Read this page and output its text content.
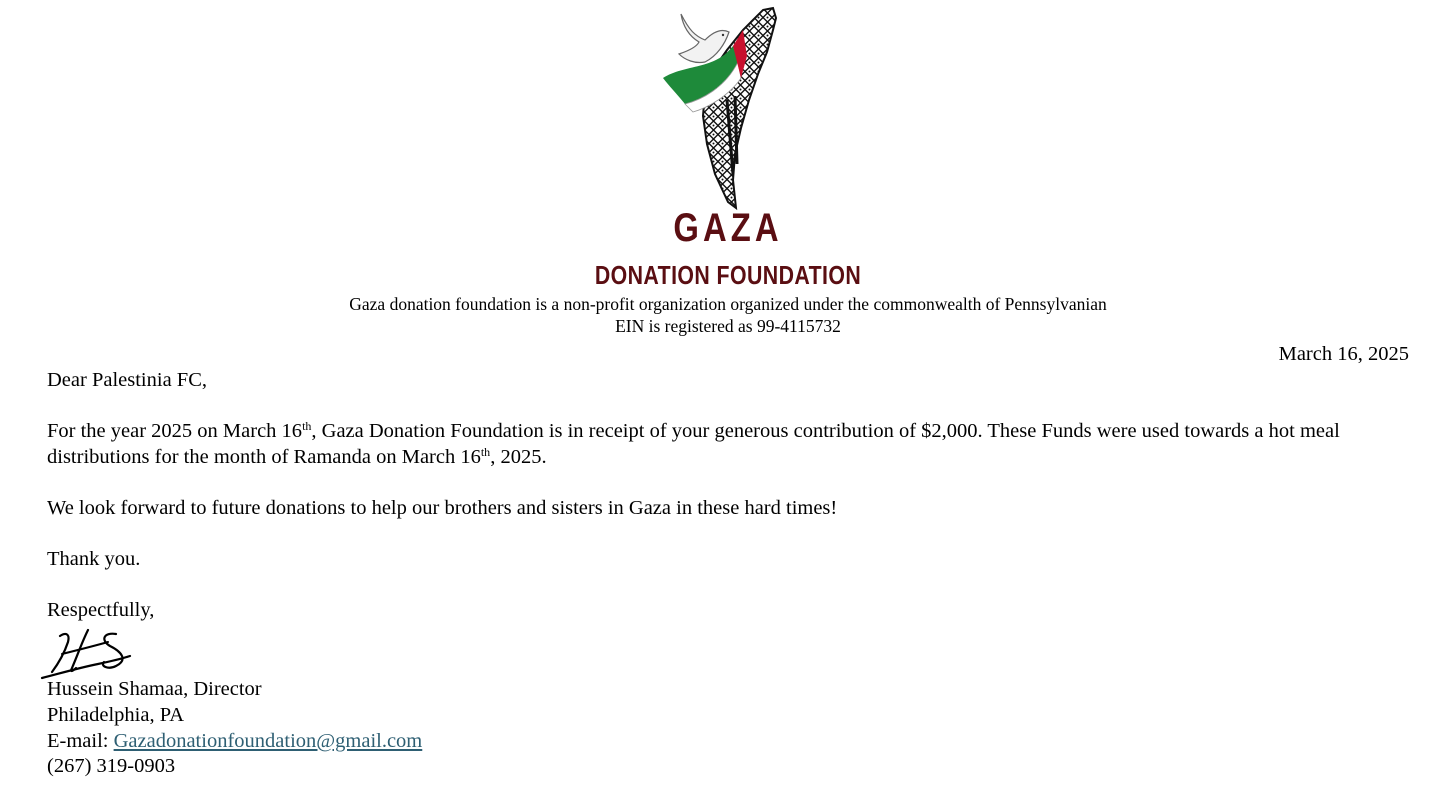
GAZA
DONATION FOUNDATION
Gaza donation foundation is a non-profit organization organized under the commonwealth of Pennsylvanian
EIN is registered as 99-4115732
March 16, 2025

Dear Palestinia FC,

For the year 2025 on March 16th, Gaza Donation Foundation is in receipt of your generous contribution of $2,000. These Funds were used towards a hot meal distributions for the month of Ramanda on March 16th, 2025.

We look forward to future donations to help our brothers and sisters in Gaza in these hard times!

Thank you.

Respectfully,

Hussein Shamaa, Director
Philadelphia, PA
E-mail: Gazadonationfoundation@gmail.com
(267) 319-0903
